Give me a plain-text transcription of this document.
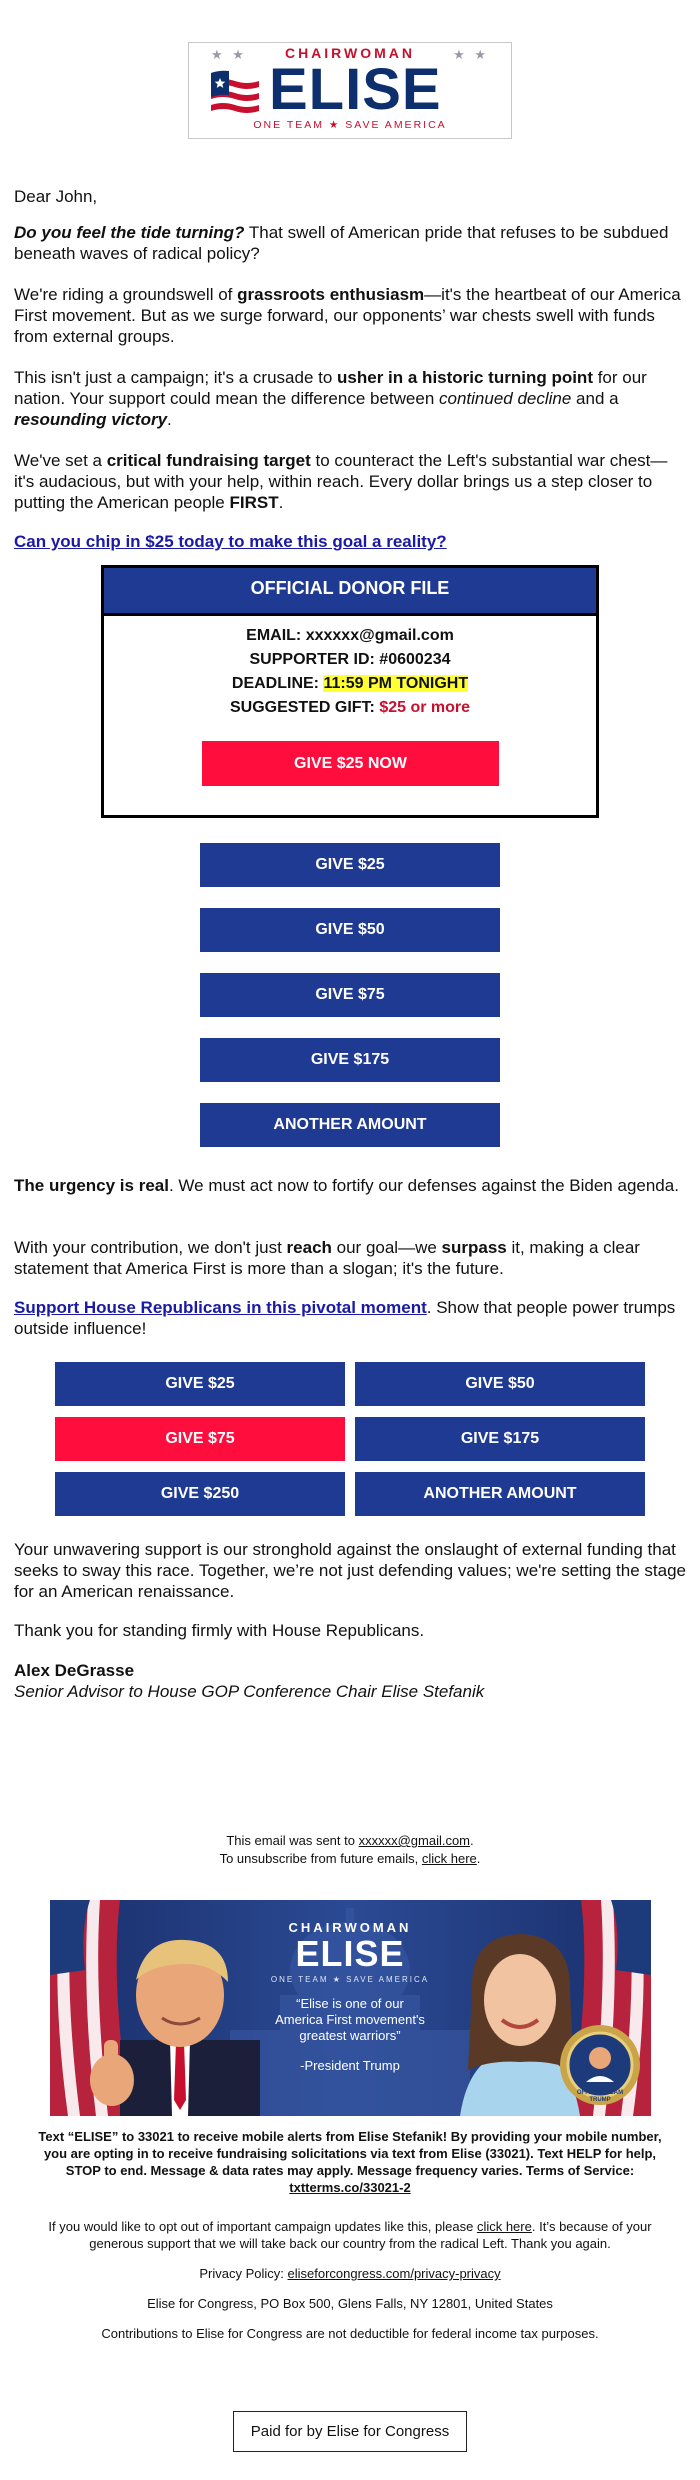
★ ★	★ ★
CHAIRWOMAN
ELISE
ONE TEAM ★ SAVE AMERICA

Dear John,

Do you feel the tide turning? That swell of American pride that refuses to be subdued beneath waves of radical policy?

We're riding a groundswell of grassroots enthusiasm—it's the heartbeat of our America First movement. But as we surge forward, our opponents’ war chests swell with funds from external groups.

This isn't just a campaign; it's a crusade to usher in a historic turning point for our nation. Your support could mean the difference between continued decline and a resounding victory.

We've set a critical fundraising target to counteract the Left's substantial war chest—it's audacious, but with your help, within reach. Every dollar brings us a step closer to putting the American people FIRST.

Can you chip in $25 today to make this goal a reality?

OFFICIAL DONOR FILE
EMAIL: xxxxxx@gmail.com
SUPPORTER ID: #0600234
DEADLINE: 11:59 PM TONIGHT
SUGGESTED GIFT: $25 or more
GIVE $25 NOW
GIVE $25
GIVE $50
GIVE $75
GIVE $175
ANOTHER AMOUNT

The urgency is real. We must act now to fortify our defenses against the Biden agenda.

With your contribution, we don't just reach our goal—we surpass it, making a clear statement that America First is more than a slogan; it's the future.

Support House Republicans in this pivotal moment. Show that people power trumps outside influence!

GIVE $25	GIVE $50
GIVE $75	GIVE $175
GIVE $250	ANOTHER AMOUNT

Your unwavering support is our stronghold against the onslaught of external funding that seeks to sway this race. Together, we’re not just defending values; we're setting the stage for an American renaissance.

Thank you for standing firmly with House Republicans.

Alex DeGrasse

Senior Advisor to House GOP Conference Chair Elise Stefanik

This email was sent to xxxxxx@gmail.com.

To unsubscribe from future emails, click here.

CHAIRWOMAN
ELISE
ONE TEAM ★ SAVE AMERICA
“Elise is one of our America First movement's greatest warriors”
-President Trump
OFFICIAL TEAM TRUMP

Text “ELISE” to 33021 to receive mobile alerts from Elise Stefanik! By providing your mobile number, you are opting in to receive fundraising solicitations via text from Elise (33021). Text HELP for help, STOP to end. Message & data rates may apply. Message frequency varies. Terms of Service: txtterms.co/33021-2

If you would like to opt out of important campaign updates like this, please click here. It’s because of your generous support that we will take back our country from the radical Left. Thank you again.

Privacy Policy: eliseforcongress.com/privacy-privacy

Elise for Congress, PO Box 500, Glens Falls, NY 12801, United States

Contributions to Elise for Congress are not deductible for federal income tax purposes.

Paid for by Elise for Congress
